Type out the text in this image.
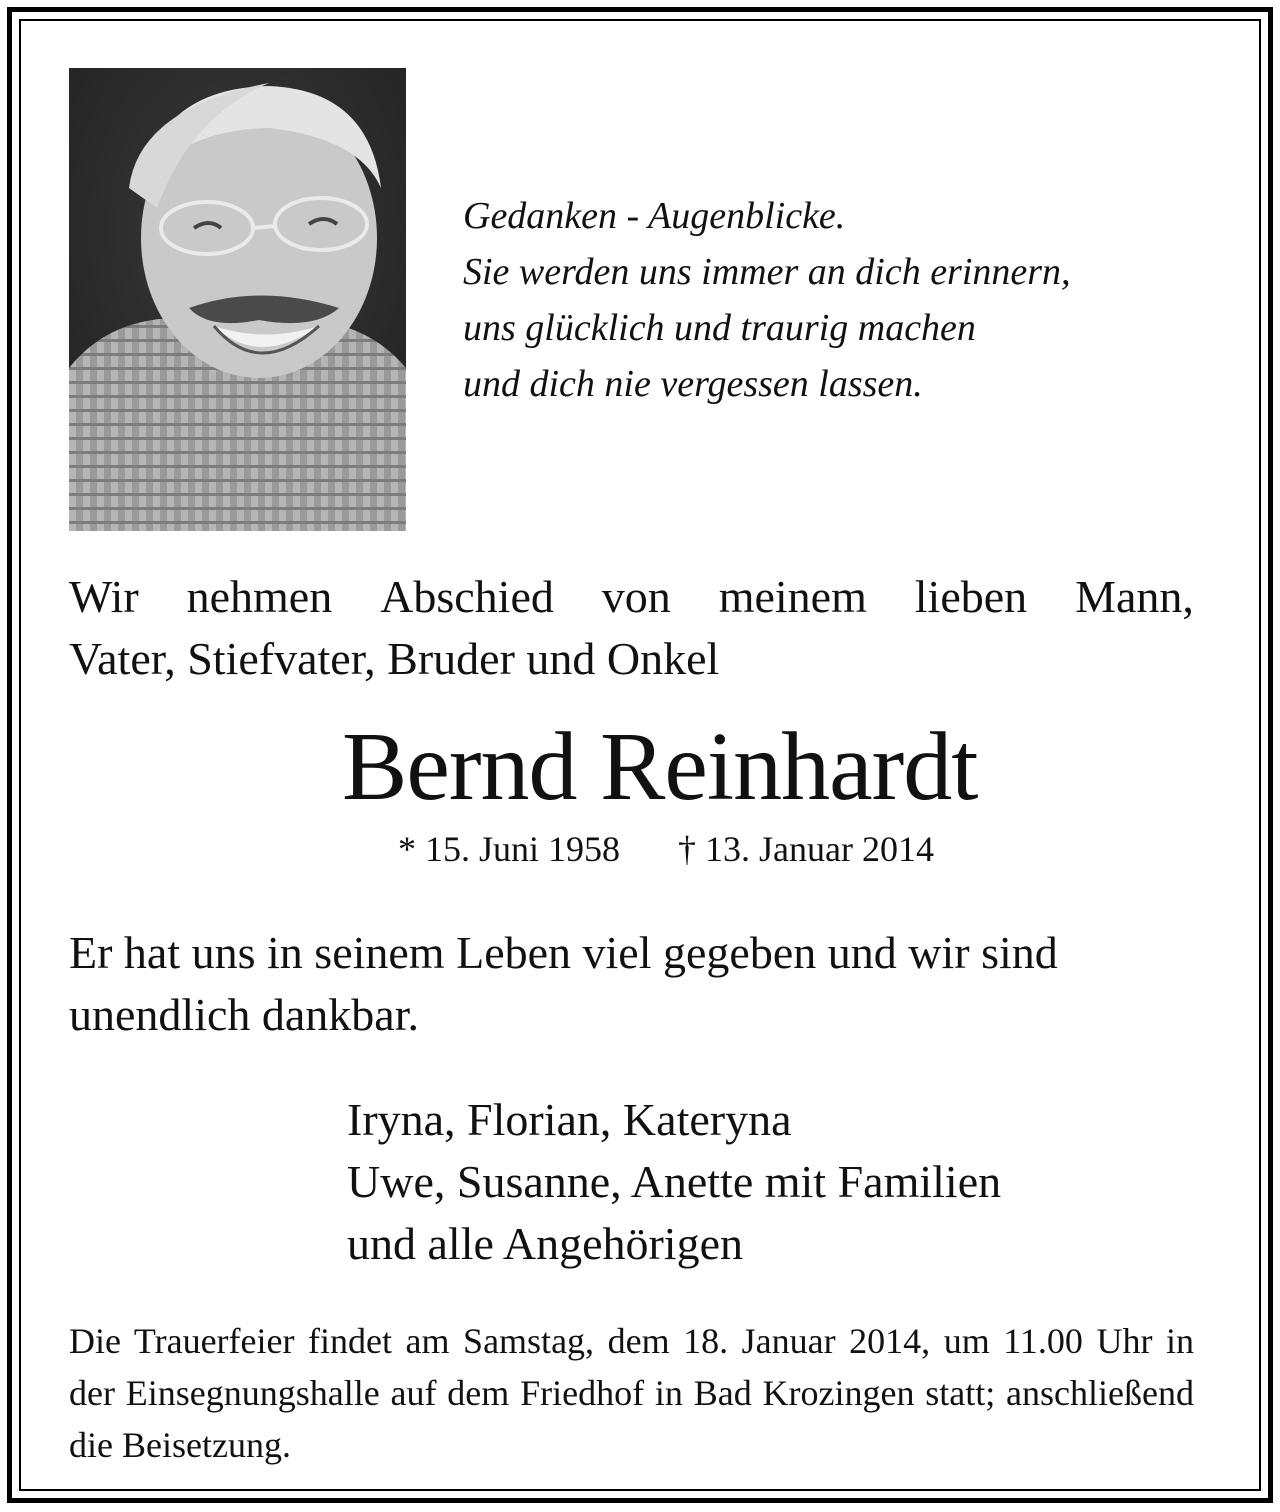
Gedanken - Augenblicke.
Sie werden uns immer an dich erinnern,
uns glücklich und traurig machen
und dich nie vergessen lassen.
Wir nehmen Abschied von meinem lieben Mann,
Vater, Stiefvater, Bruder und Onkel
Bernd Reinhardt
* 15. Juni 1958 † 13. Januar 2014
Er hat uns in seinem Leben viel gegeben und wir sind
unendlich dankbar.
Iryna, Florian, Kateryna
Uwe, Susanne, Anette mit Familien
und alle Angehörigen
Die Trauerfeier findet am Samstag, dem 18. Januar 2014, um 11.00 Uhr in der Einsegnungshalle auf dem Friedhof in Bad Krozingen statt; anschließend die Beisetzung.
